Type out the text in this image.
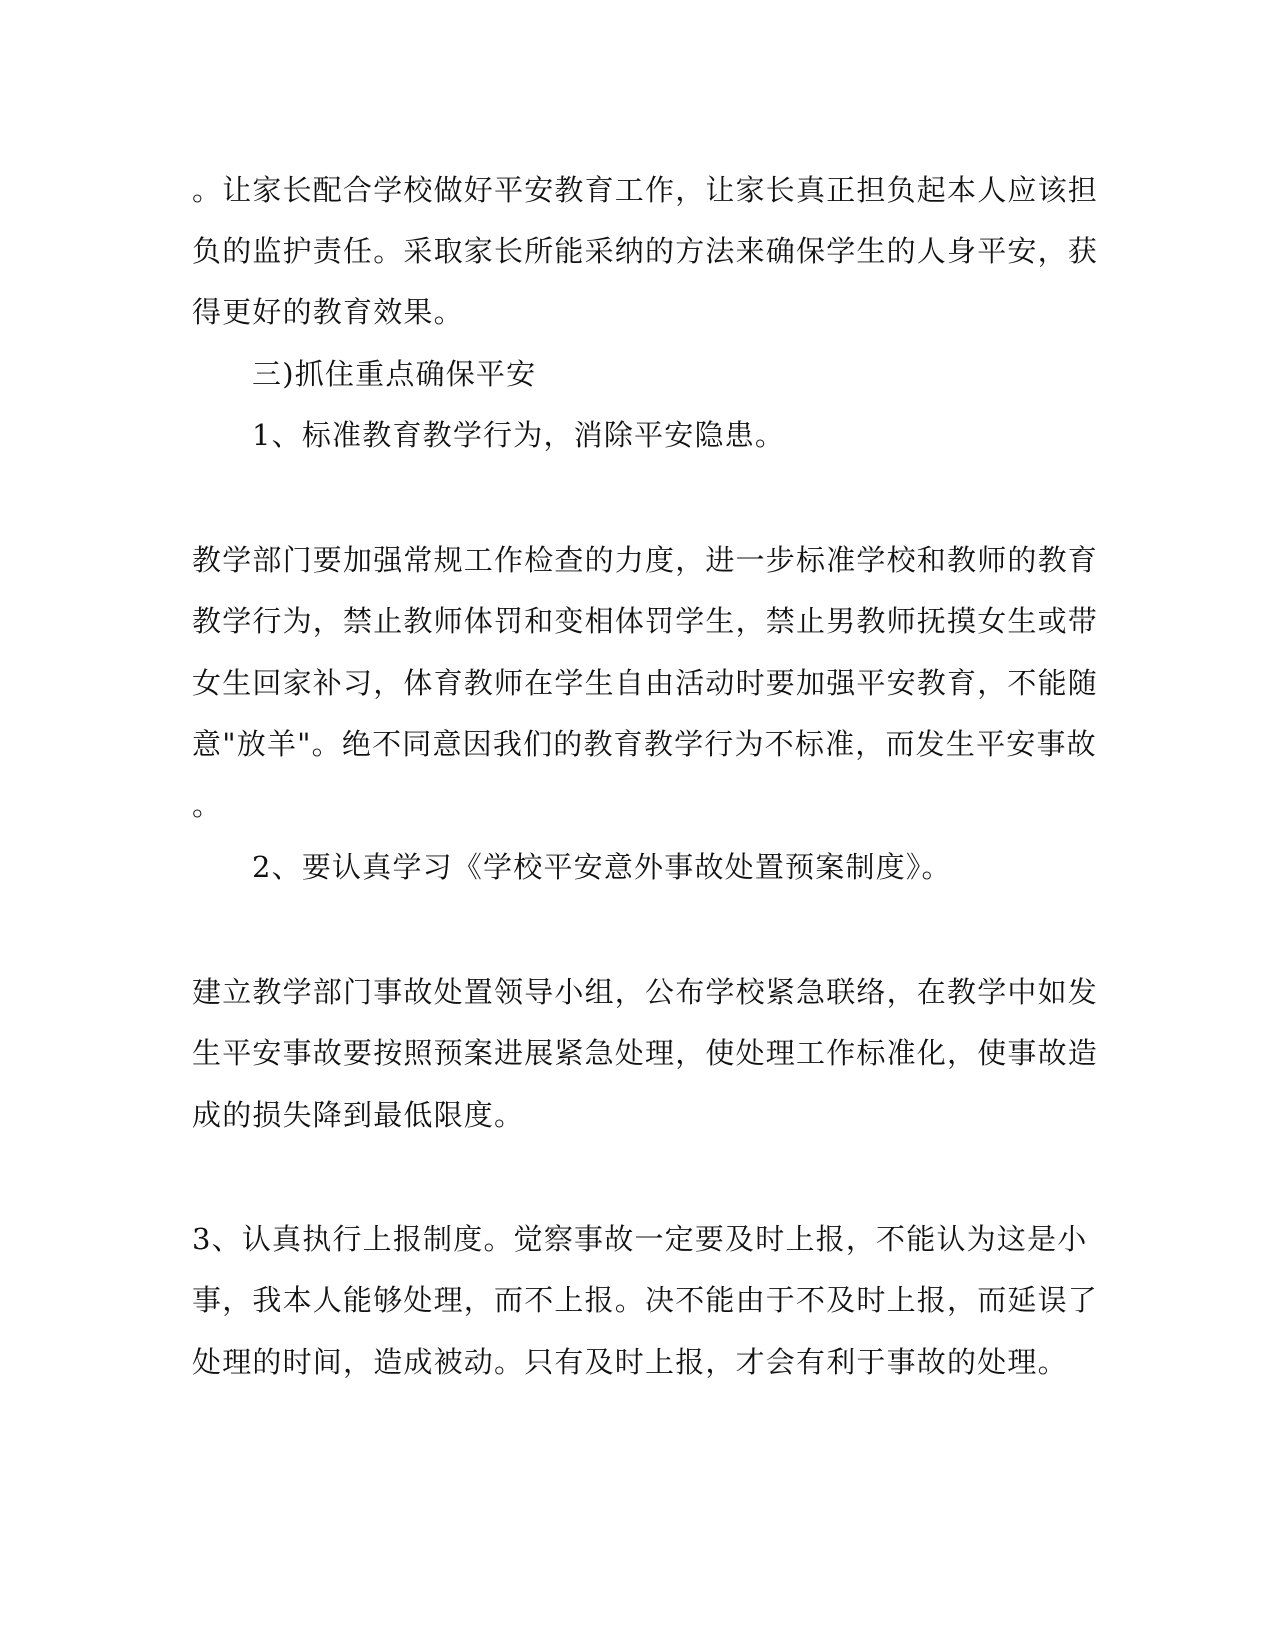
。让家长配合学校做好平安教育工作，让家长真正担负起本人应该担
负的监护责任。采取家长所能采纳的方法来确保学生的人身平安，获
得更好的教育效果。
三)抓住重点确保平安
1、标准教育教学行为，消除平安隐患。
教学部门要加强常规工作检查的力度，进一步标准学校和教师的教育
教学行为，禁止教师体罚和变相体罚学生，禁止男教师抚摸女生或带
女生回家补习，体育教师在学生自由活动时要加强平安教育，不能随
意"放羊"。绝不同意因我们的教育教学行为不标准，而发生平安事故
。
2、要认真学习《学校平安意外事故处置预案制度》。
建立教学部门事故处置领导小组，公布学校紧急联络，在教学中如发
生平安事故要按照预案进展紧急处理，使处理工作标准化，使事故造
成的损失降到最低限度。
3、认真执行上报制度。觉察事故一定要及时上报，不能认为这是小
事，我本人能够处理，而不上报。决不能由于不及时上报，而延误了
处理的时间，造成被动。只有及时上报，才会有利于事故的处理。
